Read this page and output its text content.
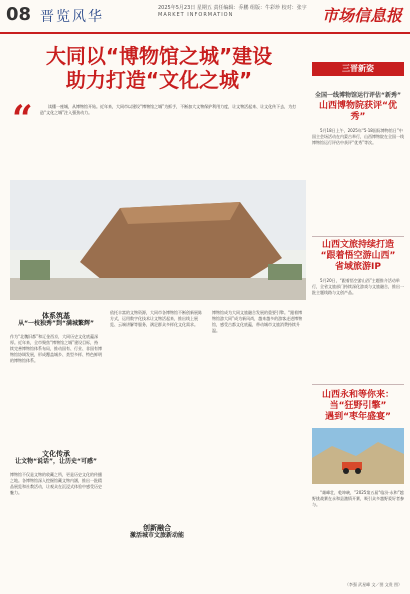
08 晋览风华
2025年5月23日 星期五 责任编辑：乔鹏 组版：牛彩珍 校对：张宇
MARKET INFORMATION	市场信息报
大同以“博物馆之城”建设
助力打造“文化之城”
“	读懂一座城，从博物馆开始。近年来，大同市以建设“博物馆之城”为抓手，不断加大文物保护利用力度，让文物活起来、让文化传下去，为打造“文化之城”注入强劲动力。
体系筑基
从“一枝独秀”到“满城繁辉”
作为“北魏旧都”和辽金西京，大同历史文化底蕴深厚。近年来，全市聚焦“博物馆之城”建设目标，持续完善博物馆体系布局，推动国有、行业、非国有博物馆协调发展，形成覆盖城乡、类型多样、特色鲜明的博物馆体系。
文化传承
让文物“说话”，让历史“可感”
博物馆不仅是文物的收藏之所，更是历史文化的传播之地。各博物馆深入挖掘馆藏文物内涵，推出一批精品展览和社教活动，让观众在沉浸式体验中感受历史魅力。
依托丰富的文物资源，大同市各博物馆不断创新展陈方式，运用数字化技术让文物活起来，推出线上展览、云端讲解等服务，满足群众多样化文化需求。
创新融合
激活城市文旅新动能
博物馆成为大同文旅融合发展的重要引擎。“跟着博物馆游大同”成为新风尚，越来越多的游客走进博物馆，感受古都文化底蕴，带动城市文旅消费持续升温。
三晋新姿
全国一线博物馆运行评估“新秀”
山西博物院获评“优秀”
5月18日上午，2025年“5·18国际博物馆日”中国主会场活动在内蒙古举行，山西博物院在全国一线博物馆运行评估中获评“优秀”等次。
山西文旅持续打造
“跟着悟空游山西”
省域旅游IP
5月20日，“跟着悟空游山西”主题推介活动举行，全省文旅部门持续深化游戏与文旅融合，推出一批主题线路与文创产品。
山西永和等你来：
当“狂野引擎”
遇到“枣年盛宴”
“雄峰壮，乾坤峡，”2025第五届“临汾·永和”越野挑战赛在永和县激情开赛，吸引众多越野爱好者参与。
（李强 武星峰 文／图 文贵 图）
